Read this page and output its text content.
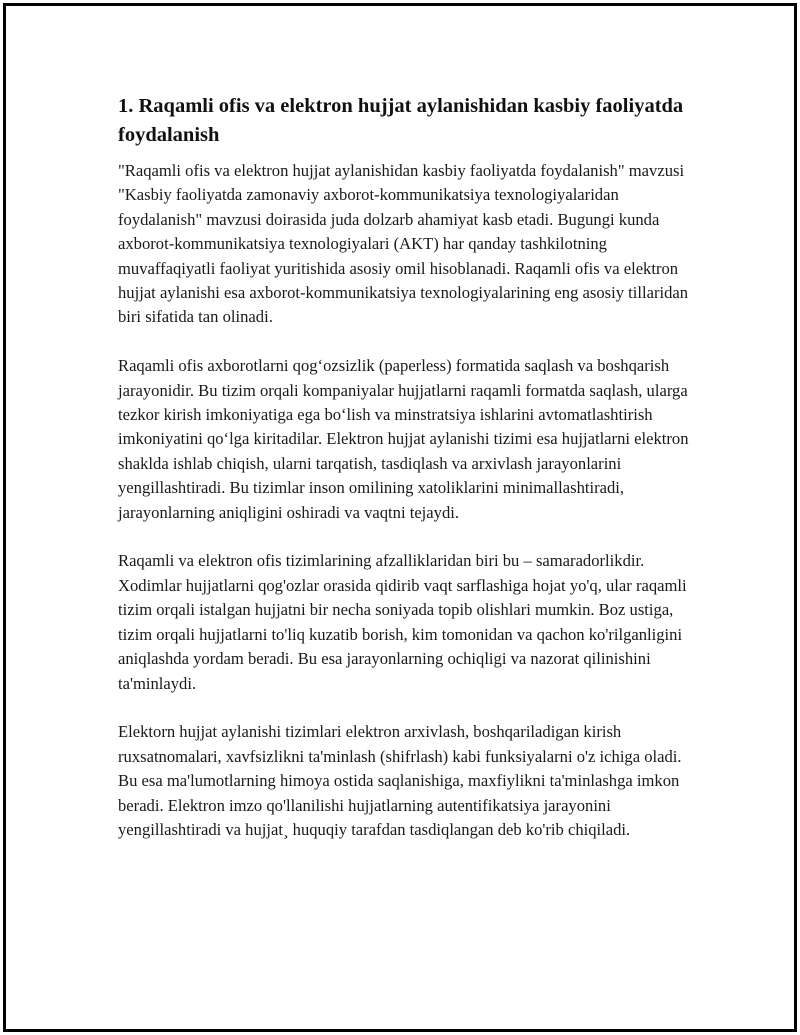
1. Raqamli ofis va elektron hujjat aylanishidan kasbiy faoliyatda foydalanish

"Raqamli ofis va elektron hujjat aylanishidan kasbiy faoliyatda foydalanish" mavzusi "Kasbiy faoliyatda zamonaviy axborot-kommunikatsiya texnologiyalaridan foydalanish" mavzusi doirasida juda dolzarb ahamiyat kasb etadi. Bugungi kunda axborot-kommunikatsiya texnologiyalari (AKT) har qanday tashkilotning muvaffaqiyatli faoliyat yuritishida asosiy omil hisoblanadi. Raqamli ofis va elektron hujjat aylanishi esa axborot-kommunikatsiya texnologiyalarining eng asosiy tillaridan biri sifatida tan olinadi.

Raqamli ofis axborotlarni qog‘ozsizlik (paperless) formatida saqlash va boshqarish jarayonidir. Bu tizim orqali kompaniyalar hujjatlarni raqamli formatda saqlash, ularga tezkor kirish imkoniyatiga ega bo‘lish va minstratsiya ishlarini avtomatlashtirish imkoniyatini qo‘lga kiritadilar. Elektron hujjat aylanishi tizimi esa hujjatlarni elektron shaklda ishlab chiqish, ularni tarqatish, tasdiqlash va arxivlash jarayonlarini yengillashtiradi. Bu tizimlar inson omilining xatoliklarini minimallashtiradi, jarayonlarning aniqligini oshiradi va vaqtni tejaydi.

Raqamli va elektron ofis tizimlarining afzalliklaridan biri bu – samaradorlikdir. Xodimlar hujjatlarni qog'ozlar orasida qidirib vaqt sarflashiga hojat yo'q, ular raqamli tizim orqali istalgan hujjatni bir necha soniyada topib olishlari mumkin. Boz ustiga, tizim orqali hujjatlarni to'liq kuzatib borish, kim tomonidan va qachon ko'rilganligini aniqlashda yordam beradi. Bu esa jarayonlarning ochiqligi va nazorat qilinishini ta'minlaydi.

Elektorn hujjat aylanishi tizimlari elektron arxivlash, boshqariladigan kirish ruxsatnomalari, xavfsizlikni ta'minlash (shifrlash) kabi funksiyalarni o'z ichiga oladi. Bu esa ma'lumotlarning himoya ostida saqlanishiga, maxfiylikni ta'minlashga imkon beradi. Elektron imzo qo'llanilishi hujjatlarning autentifikatsiya jarayonini yengillashtiradi va hujjat¸ huquqiy tarafdan tasdiqlangan deb ko'rib chiqiladi.
